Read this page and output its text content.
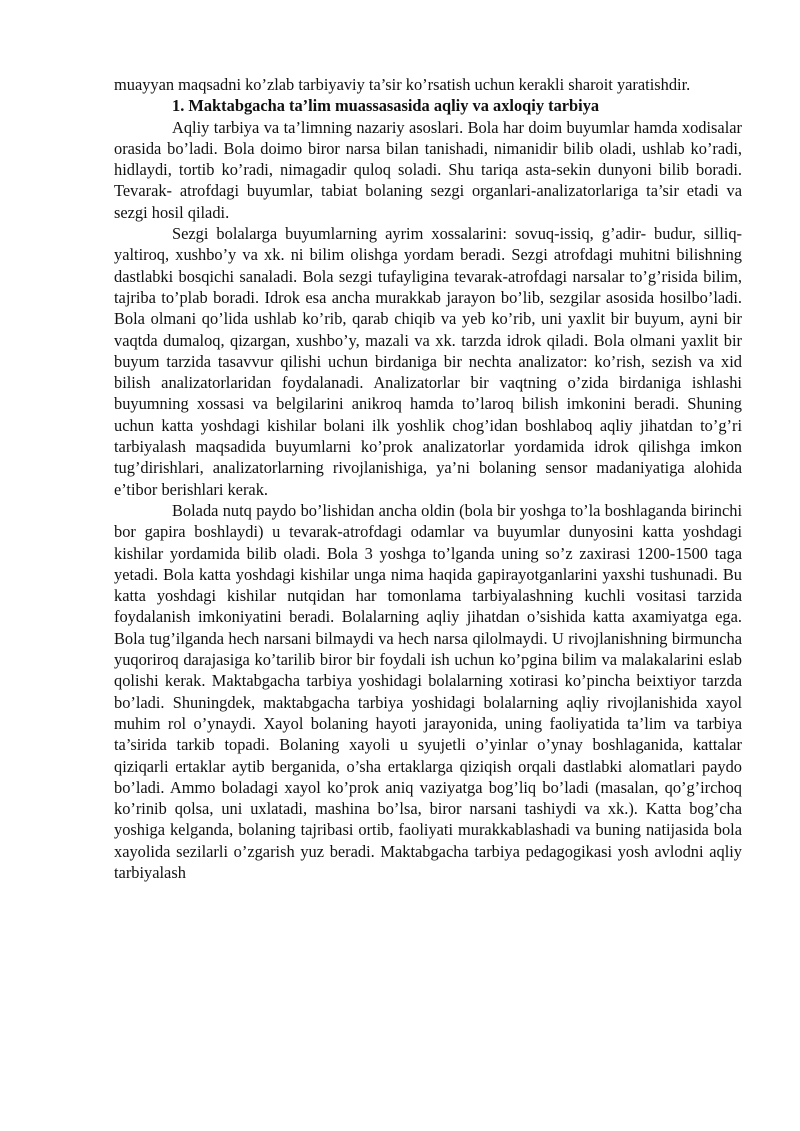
muayyan maqsadni ko’zlab tarbiyaviy ta’sir ko’rsatish uchun kerakli sharoit yaratishdir.

1. Maktabgacha ta’lim muassasasida aqliy va axloqiy tarbiya

Aqliy tarbiya va ta’limning nazariy asoslari. Bola har doim buyumlar hamda xodisalar orasida bo’ladi. Bola doimo biror narsa bilan tanishadi, nimanidir bilib oladi, ushlab ko’radi, hidlaydi, tortib ko’radi, nimagadir quloq soladi. Shu tariqa asta-sekin dunyoni bilib boradi. Tevarak- atrofdagi buyumlar, tabiat bolaning sezgi organlari-analizatorlariga ta’sir etadi va sezgi hosil qiladi.

Sezgi bolalarga buyumlarning ayrim xossalarini: sovuq-issiq, g’adir- budur, silliq-yaltiroq, xushbo’y va xk. ni bilim olishga yordam beradi. Sezgi atrofdagi muhitni bilishning dastlabki bosqichi sanaladi. Bola sezgi tufayligina tevarak-atrofdagi narsalar to’g’risida bilim, tajriba to’plab boradi. Idrok esa ancha murakkab jarayon bo’lib, sezgilar asosida hosilbo’ladi. Bola olmani qo’lida ushlab ko’rib, qarab chiqib va yeb ko’rib, uni yaxlit bir buyum, ayni bir vaqtda dumaloq, qizargan, xushbo’y, mazali va xk. tarzda idrok qiladi. Bola olmani yaxlit bir buyum tarzida tasavvur qilishi uchun birdaniga bir nechta analizator: ko’rish, sezish va xid bilish analizatorlaridan foydalanadi. Analizatorlar bir vaqtning o’zida birdaniga ishlashi buyumning xossasi va belgilarini anikroq hamda to’laroq bilish imkonini beradi. Shuning uchun katta yoshdagi kishilar bolani ilk yoshlik chog’idan boshlaboq aqliy jihatdan to’g’ri tarbiyalash maqsadida buyumlarni ko’prok analizatorlar yordamida idrok qilishga imkon tug’dirishlari, analizatorlarning rivojlanishiga, ya’ni bolaning sensor madaniyatiga alohida e’tibor berishlari kerak.

Bolada nutq paydo bo’lishidan ancha oldin (bola bir yoshga to’la boshlaganda birinchi bor gapira boshlaydi) u tevarak-atrofdagi odamlar va buyumlar dunyosini katta yoshdagi kishilar yordamida bilib oladi. Bola 3 yoshga to’lganda uning so’z zaxirasi 1200-1500 taga yetadi. Bola katta yoshdagi kishilar unga nima haqida gapirayotganlarini yaxshi tushunadi. Bu katta yoshdagi kishilar nutqidan har tomonlama tarbiyalashning kuchli vositasi tarzida foydalanish imkoniyatini beradi. Bolalarning aqliy jihatdan o’sishida katta axamiyatga ega. Bola tug’ilganda hech narsani bilmaydi va hech narsa qilolmaydi. U rivojlanishning birmuncha yuqoriroq darajasiga ko’tarilib biror bir foydali ish uchun ko’pgina bilim va malakalarini eslab qolishi kerak. Maktabgacha tarbiya yoshidagi bolalarning xotirasi ko’pincha beixtiyor tarzda bo’ladi. Shuningdek, maktabgacha tarbiya yoshidagi bolalarning aqliy rivojlanishida xayol muhim rol o’ynaydi. Xayol bolaning hayoti jarayonida, uning faoliyatida ta’lim va tarbiya ta’sirida tarkib topadi. Bolaning xayoli u syujetli o’yinlar o’ynay boshlaganida, kattalar qiziqarli ertaklar aytib berganida, o’sha ertaklarga qiziqish orqali dastlabki alomatlari paydo bo’ladi. Ammo boladagi xayol ko’prok aniq vaziyatga bog’liq bo’ladi (masalan, qo’g’irchoq ko’rinib qolsa, uni uxlatadi, mashina bo’lsa, biror narsani tashiydi va xk.). Katta bog’cha yoshiga kelganda, bolaning tajribasi ortib, faoliyati murakkablashadi va buning natijasida bola xayolida sezilarli o’zgarish yuz beradi. Maktabgacha tarbiya pedagogikasi yosh avlodni aqliy tarbiyalash
